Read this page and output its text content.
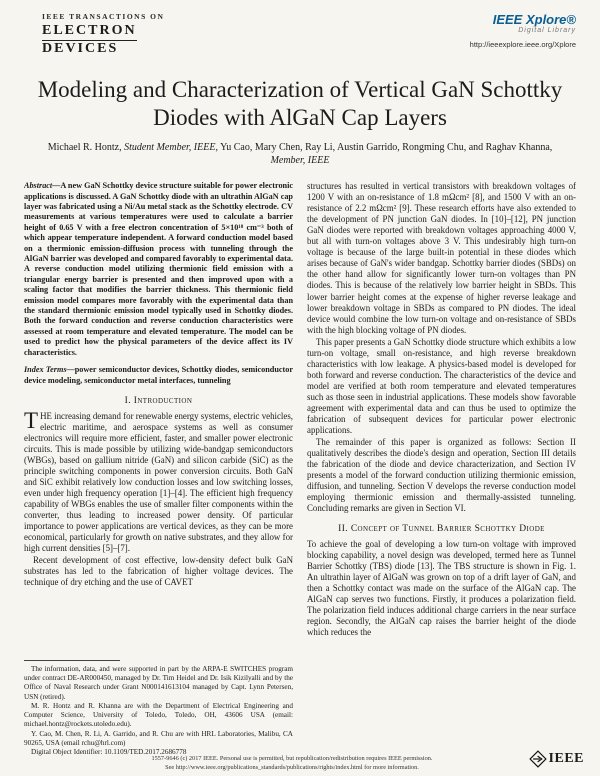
IEEE TRANSACTIONS ON
ELECTRON
DEVICES
IEEE Xplore®
Digital Library
http://ieeexplore.ieee.org/Xplore
Modeling and Characterization of Vertical GaN Schottky Diodes with AlGaN Cap Layers
Michael R. Hontz, Student Member, IEEE, Yu Cao, Mary Chen, Ray Li, Austin Garrido, Rongming Chu, and Raghav Khanna, Member, IEEE

Abstract—A new GaN Schottky device structure suitable for power electronic applications is discussed. A GaN Schottky diode with an ultrathin AlGaN cap layer was fabricated using a Ni/Au metal stack as the Schottky electrode. CV measurements at various temperatures were used to calculate a barrier height of 0.65 V with a free electron concentration of 5×10¹⁸ cm⁻³ both of which appear temperature independent. A forward conduction model based on a thermionic emission-diffusion process with tunneling through the AlGaN barrier was developed and compared favorably to experimental data. A reverse conduction model utilizing thermionic field emission with a triangular energy barrier is presented and then improved upon with a scaling factor that modifies the barrier thickness. This thermionic field emission model compares more favorably with the experimental data than the standard thermionic emission model typically used in Schottky diodes. Both the forward conduction and reverse conduction characteristics were assessed at room temperature and elevated temperature. The model can be used to predict how the physical parameters of the device affect its IV characteristics.

Index Terms—power semiconductor devices, Schottky diodes, semiconductor device modeling, semiconductor metal interfaces, tunneling

I. Introduction

THE increasing demand for renewable energy systems, electric vehicles, electric maritime, and aerospace systems as well as consumer electronics will require more efficient, faster, and smaller power electronic circuits. This is made possible by utilizing wide-bandgap semiconductors (WBGs), based on gallium nitride (GaN) and silicon carbide (SiC) as the principle switching components in power conversion circuits. Both GaN and SiC exhibit relatively low conduction losses and low switching losses, even under high frequency operation [1]–[4]. The efficient high frequency capability of WBGs enables the use of smaller filter components within the converter, thus leading to increased power density. Of particular importance to power applications are vertical devices, as they can be more economical, particularly for growth on native substrates, and they allow for high current densities [5]–[7].

Recent development of cost effective, low-density defect bulk GaN substrates has led to the fabrication of higher voltage devices. The technique of dry etching and the use of CAVET

The information, data, and were supported in part by the ARPA-E SWITCHES program under contract DE-AR000450, managed by Dr. Tim Heidel and Dr. Isik Kizilyalli and by the Office of Naval Research under Grant N000141613104 managed by Capt. Lynn Petersen, USN (retired).

M. R. Hontz and R. Khanna are with the Department of Electrical Engineering and Computer Science, University of Toledo, Toledo, OH, 43606 USA (email: michael.hontz@rockets.utoledo.edu).

Y. Cao, M. Chen, R. Li, A. Garrido, and R. Chu are with HRL Laboratories, Malibu, CA 90265, USA (email rchu@hrl.com)

Digital Object Identifier: 10.1109/TED.2017.2686778

structures has resulted in vertical transistors with breakdown voltages of 1200 V with an on-resistance of 1.8 mΩcm² [8], and 1500 V with an on-resistance of 2.2 mΩcm² [9]. These research efforts have also extended to the development of PN junction GaN diodes. In [10]–[12], PN junction GaN diodes were reported with breakdown voltages approaching 4000 V, but all with turn-on voltages above 3 V. This undesirably high turn-on voltage is because of the large built-in potential in these diodes which arises because of GaN's wider bandgap. Schottky barrier diodes (SBDs) on the other hand allow for significantly lower turn-on voltages than PN diodes. This is because of the relatively low barrier height in SBDs. This lower barrier height comes at the expense of higher reverse leakage and lower breakdown voltage in SBDs as compared to PN diodes. The ideal device would combine the low turn-on voltage and on-resistance of SBDs with the high blocking voltage of PN diodes.

This paper presents a GaN Schottky diode structure which exhibits a low turn-on voltage, small on-resistance, and high reverse breakdown characteristics with low leakage. A physics-based model is developed for both forward and reverse conduction. The characteristics of the device and model are verified at both room temperature and elevated temperatures such as those seen in industrial applications. These models show favorable agreement with experimental data and can thus be used to optimize the fabrication of subsequent devices for particular power electronic applications.

The remainder of this paper is organized as follows: Section II qualitatively describes the diode's design and operation, Section III details the fabrication of the diode and device characterization, and Section IV presents a model of the forward conduction utilizing thermionic emission, diffusion, and tunneling. Section V develops the reverse conduction model employing thermionic emission and thermally-assisted tunneling. Concluding remarks are given in Section VI.

II. Concept of Tunnel Barrier Schottky Diode

To achieve the goal of developing a low turn-on voltage with improved blocking capability, a novel design was developed, termed here as Tunnel Barrier Schottky (TBS) diode [13]. The TBS structure is shown in Fig. 1. An ultrathin layer of AlGaN was grown on top of a drift layer of GaN, and then a Schottky contact was made on the surface of the AlGaN cap. The AlGaN cap serves two functions. Firstly, it produces a polarization field. The polarization field induces additional charge carriers in the near surface region. Secondly, the AlGaN cap raises the barrier height of the diode which reduces the

1557-9646 (c) 2017 IEEE. Personal use is permitted, but republication/redistribution requires IEEE permission.
See http://www.ieee.org/publications_standards/publications/rights/index.html for more information.
IEEE
